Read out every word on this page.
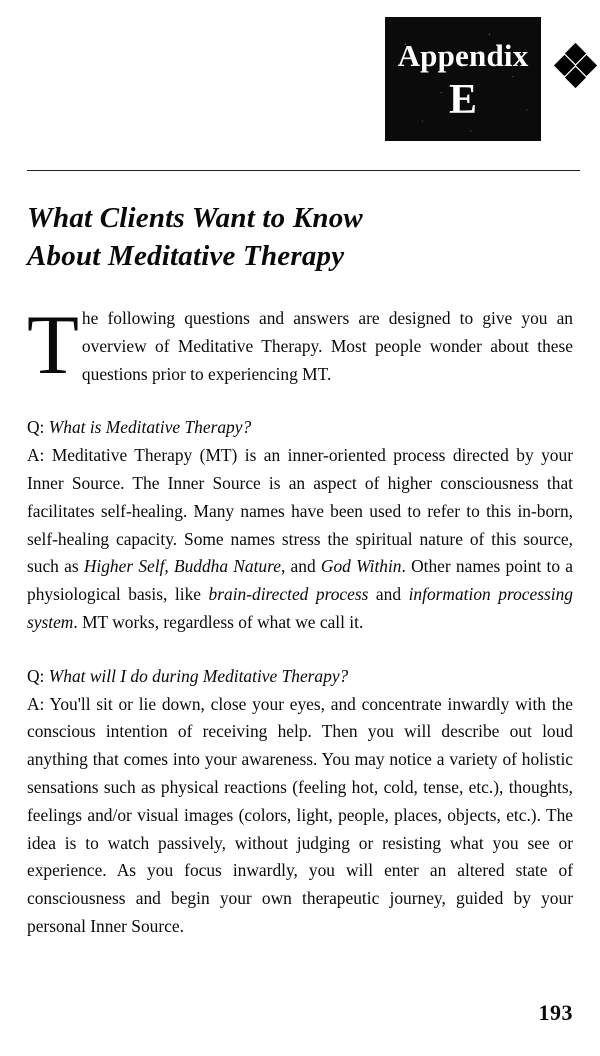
Appendix
E
What Clients Want to Know
About Meditative Therapy

The following questions and answers are designed to give you an overview of Meditative Therapy. Most people wonder about these questions prior to experiencing MT.

Q: What is Meditative Therapy?
A: Meditative Therapy (MT) is an inner-oriented process directed by your Inner Source. The Inner Source is an aspect of higher consciousness that facilitates self-healing. Many names have been used to refer to this in-born, self-healing capacity. Some names stress the spiritual nature of this source, such as Higher Self, Buddha Nature, and God Within. Other names point to a physiological basis, like brain-directed process and information processing system. MT works, regardless of what we call it.

Q: What will I do during Meditative Therapy?
A: You'll sit or lie down, close your eyes, and concentrate inwardly with the conscious intention of receiving help. Then you will describe out loud anything that comes into your awareness. You may notice a variety of holistic sensations such as physical reactions (feeling hot, cold, tense, etc.), thoughts, feelings and/or visual images (colors, light, people, places, objects, etc.). The idea is to watch passively, without judging or resisting what you see or experience. As you focus inwardly, you will enter an altered state of consciousness and begin your own therapeutic journey, guided by your personal Inner Source.

193
